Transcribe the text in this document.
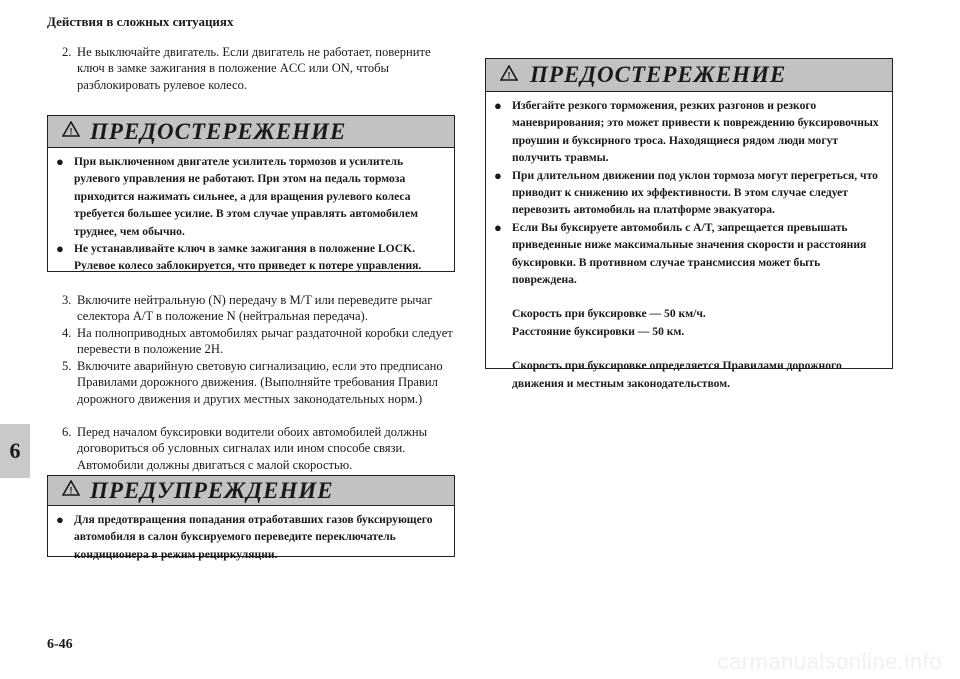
Действия в сложных ситуациях
2. Не выключайте двигатель. Если двигатель не работает, поверните ключ в замке зажигания в положение ACC или ON, чтобы разблокировать рулевое колесо.
! ПРЕДОСТЕРЕЖЕНИЕ
● При выключенном двигателе усилитель тормозов и усилитель рулевого управления не работают. При этом на педаль тормоза приходится нажимать сильнее, а для вращения рулевого колеса требуется большее усилие. В этом случае управлять автомобилем труднее, чем обычно.
● Не устанавливайте ключ в замке зажигания в положение LOCK. Рулевое колесо заблокируется, что приведет к потере управления.
3. Включите нейтральную (N) передачу в M/T или переведите рычаг селектора A/T в положение N (нейтральная передача).
4. На полноприводных автомобилях рычаг раздаточной коробки следует перевести в положение 2H.
5. Включите аварийную световую сигнализацию, если это предписано Правилами дорожного движения. (Выполняйте требования Правил дорожного движения и других местных законодательных норм.)
6. Перед началом буксировки водители обоих автомобилей должны договориться об условных сигналах или ином способе связи. Автомобили должны двигаться с малой скоростью.
! ПРЕДУПРЕЖДЕНИЕ
● Для предотвращения попадания отработавших газов буксирующего автомобиля в салон буксируемого переведите переключатель кондиционера в режим рециркуляции.
! ПРЕДОСТЕРЕЖЕНИЕ
● Избегайте резкого торможения, резких разгонов и резкого маневрирования; это может привести к повреждению буксировочных проушин и буксирного троса. Находящиеся рядом люди могут получить травмы.
● При длительном движении под уклон тормоза могут перегреться, что приводит к снижению их эффективности. В этом случае следует перевозить автомобиль на платформе эвакуатора.
● Если Вы буксируете автомобиль с A/T, запрещается превышать приведенные ниже максимальные значения скорости и расстояния буксировки. В противном случае трансмиссия может быть повреждена.
Скорость при буксировке — 50 км/ч.
Расстояние буксировки — 50 км.
Скорость при буксировке определяется Правилами дорожного движения и местным законодательством.
6
6-46
carmanualsonline.info
